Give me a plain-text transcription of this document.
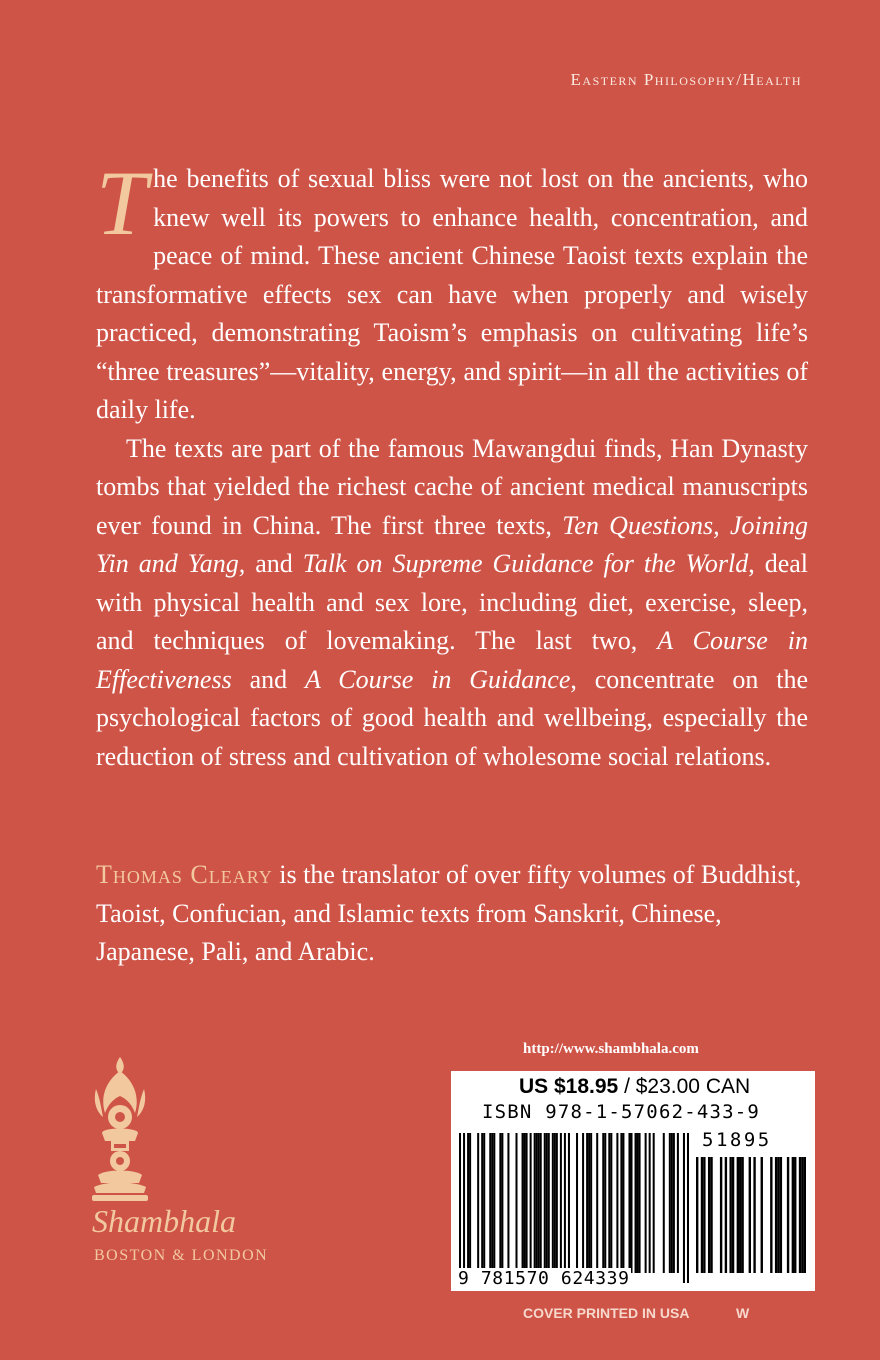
Eastern Philosophy/Health

The benefits of sexual bliss were not lost on the ancients, who knew well its powers to enhance health, concentration, and peace of mind. These ancient Chinese Taoist texts explain the transformative effects sex can have when properly and wisely practiced, demonstrating Taoism’s emphasis on cultivating life’s “three treasures”—vitality, energy, and spirit—in all the activities of daily life.

The texts are part of the famous Mawangdui finds, Han Dynasty tombs that yielded the richest cache of ancient medical manuscripts ever found in China. The first three texts, Ten Questions, Joining Yin and Yang, and Talk on Supreme Guidance for the World, deal with physical health and sex lore, including diet, exercise, sleep, and techniques of lovemaking. The last two, A Course in Effectiveness and A Course in Guidance, concentrate on the psychological factors of good health and wellbeing, especially the reduction of stress and cultivation of wholesome social relations.

Thomas Cleary is the translator of over fifty volumes of Buddhist, Taoist, Confucian, and Islamic texts from Sanskrit, Chinese, Japanese, Pali, and Arabic.

http://www.shambhala.com
Shambhala
BOSTON & LONDON
US $18.95 / $23.00 CAN
ISBN 978-1-57062-433-9
51895
9 781570 624339
COVER PRINTED IN USA	W
